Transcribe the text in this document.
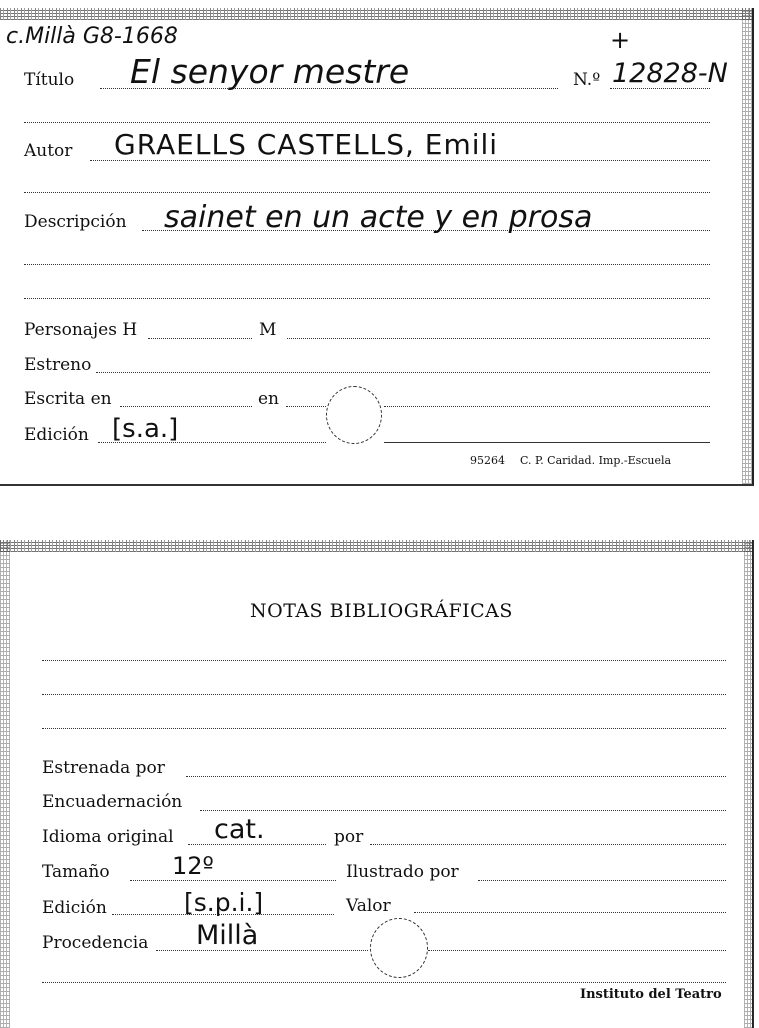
c.Millà G8-1668	+
Título El senyor mestre	N.º 12828-N
Autor GRAELLS CASTELLS, Emili
Descripción sainet en un acte y en prosa
Personajes H	M
Estreno
Escrita en	en
Edición [s.a.]
95264 C. P. Caridad. Imp.-Escuela
NOTAS BIBLIOGRÁFICAS
Estrenada por
Encuadernación
Idioma original cat.	por
Tamaño	12º	Ilustrado por
Edición	[s.p.i.]	Valor
Procedencia Millà
Instituto del Teatro
